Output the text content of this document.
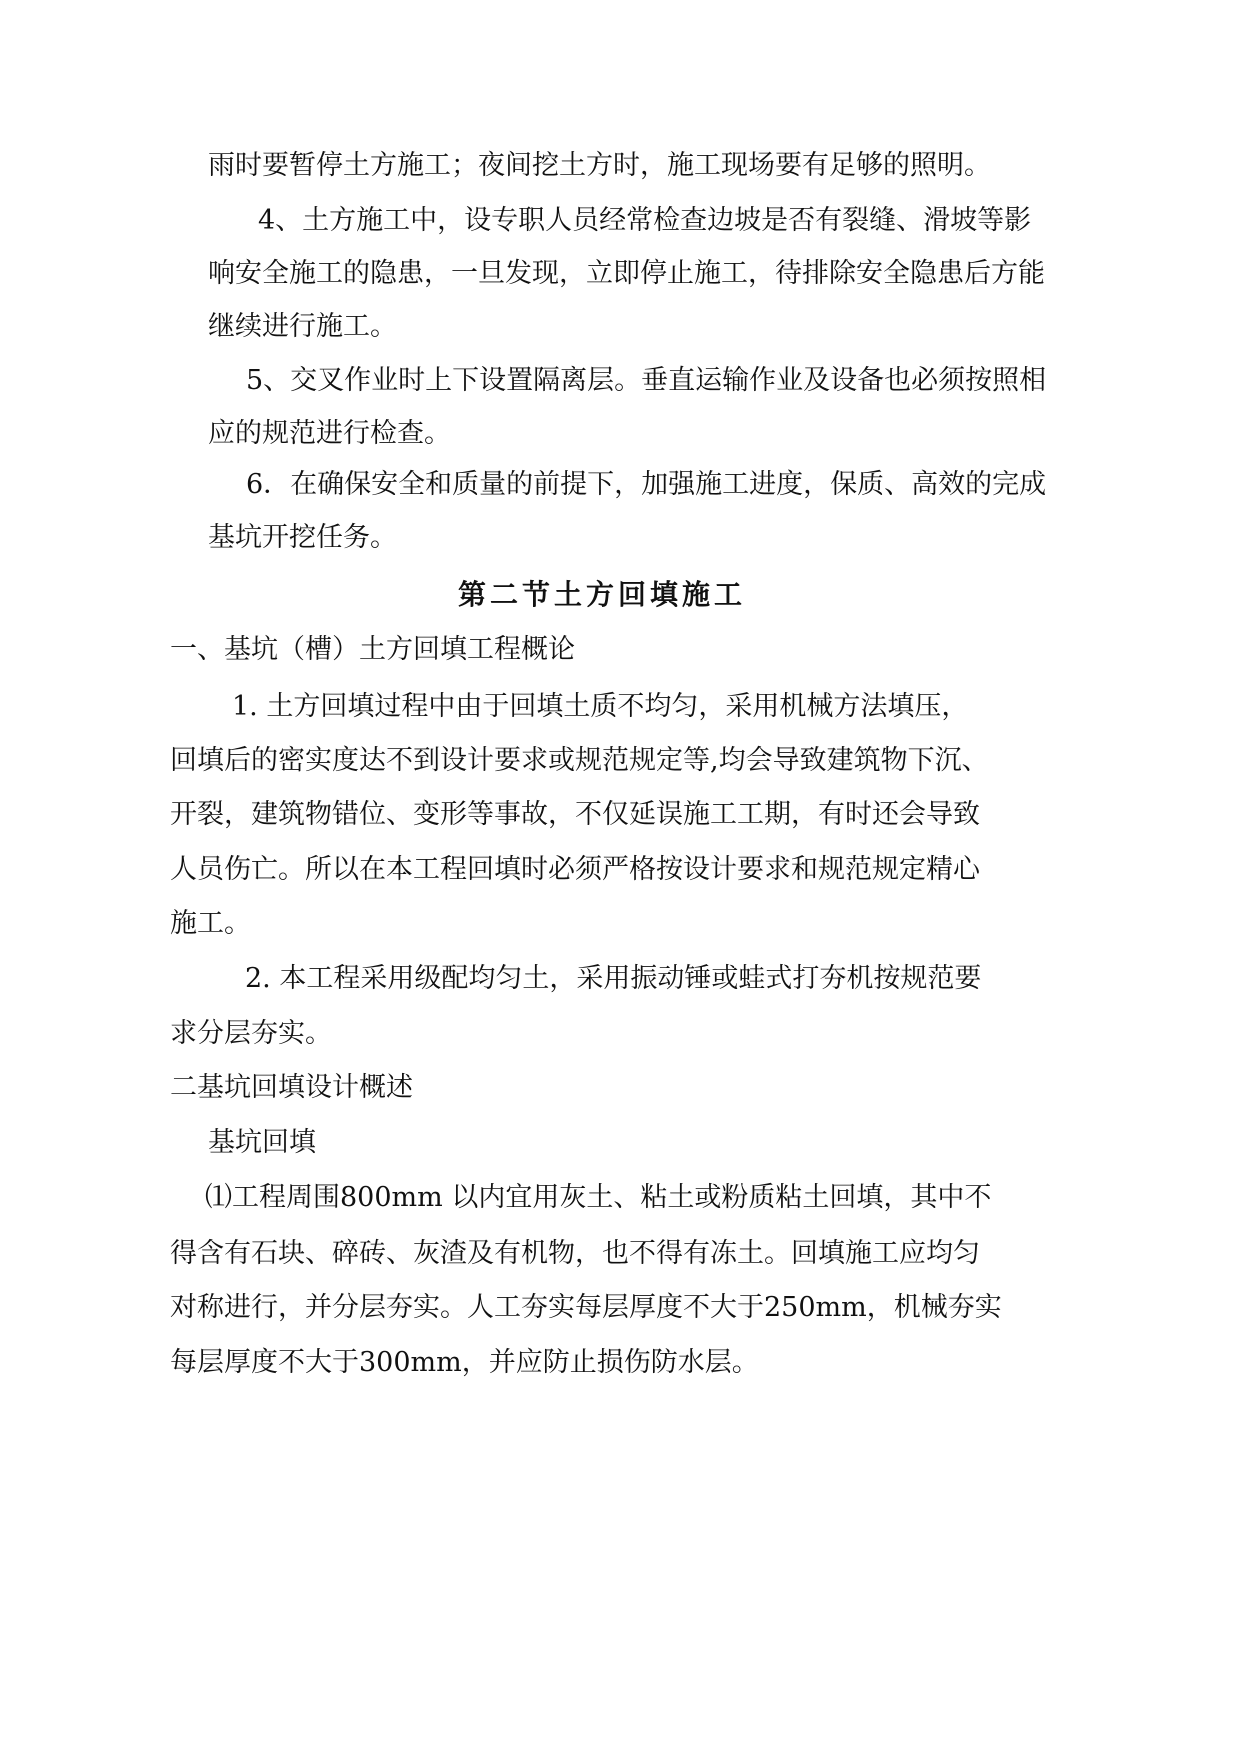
雨时要暂停土方施工；夜间挖土方时，施工现场要有足够的照明。
4、土方施工中，设专职人员经常检查边坡是否有裂缝、滑坡等影
响安全施工的隐患，一旦发现，立即停止施工，待排除安全隐患后方能
继续进行施工。
5、交叉作业时上下设置隔离层。垂直运输作业及设备也必须按照相
应的规范进行检查。
6．在确保安全和质量的前提下，加强施工进度，保质、高效的完成
基坑开挖任务。
第二节土方回填施工
一、基坑（槽）土方回填工程概论
1. 土方回填过程中由于回填土质不均匀，采用机械方法填压，
回填后的密实度达不到设计要求或规范规定等,均会导致建筑物下沉、
开裂，建筑物错位、变形等事故，不仅延误施工工期，有时还会导致
人员伤亡。所以在本工程回填时必须严格按设计要求和规范规定精心
施工。
2. 本工程采用级配均匀土，采用振动锤或蛙式打夯机按规范要
求分层夯实。
二基坑回填设计概述
基坑回填
⑴工程周围800mm 以内宜用灰土、粘土或粉质粘土回填，其中不
得含有石块、碎砖、灰渣及有机物，也不得有冻土。回填施工应均匀
对称进行，并分层夯实。人工夯实每层厚度不大于250mm，机械夯实
每层厚度不大于300mm，并应防止损伤防水层。
